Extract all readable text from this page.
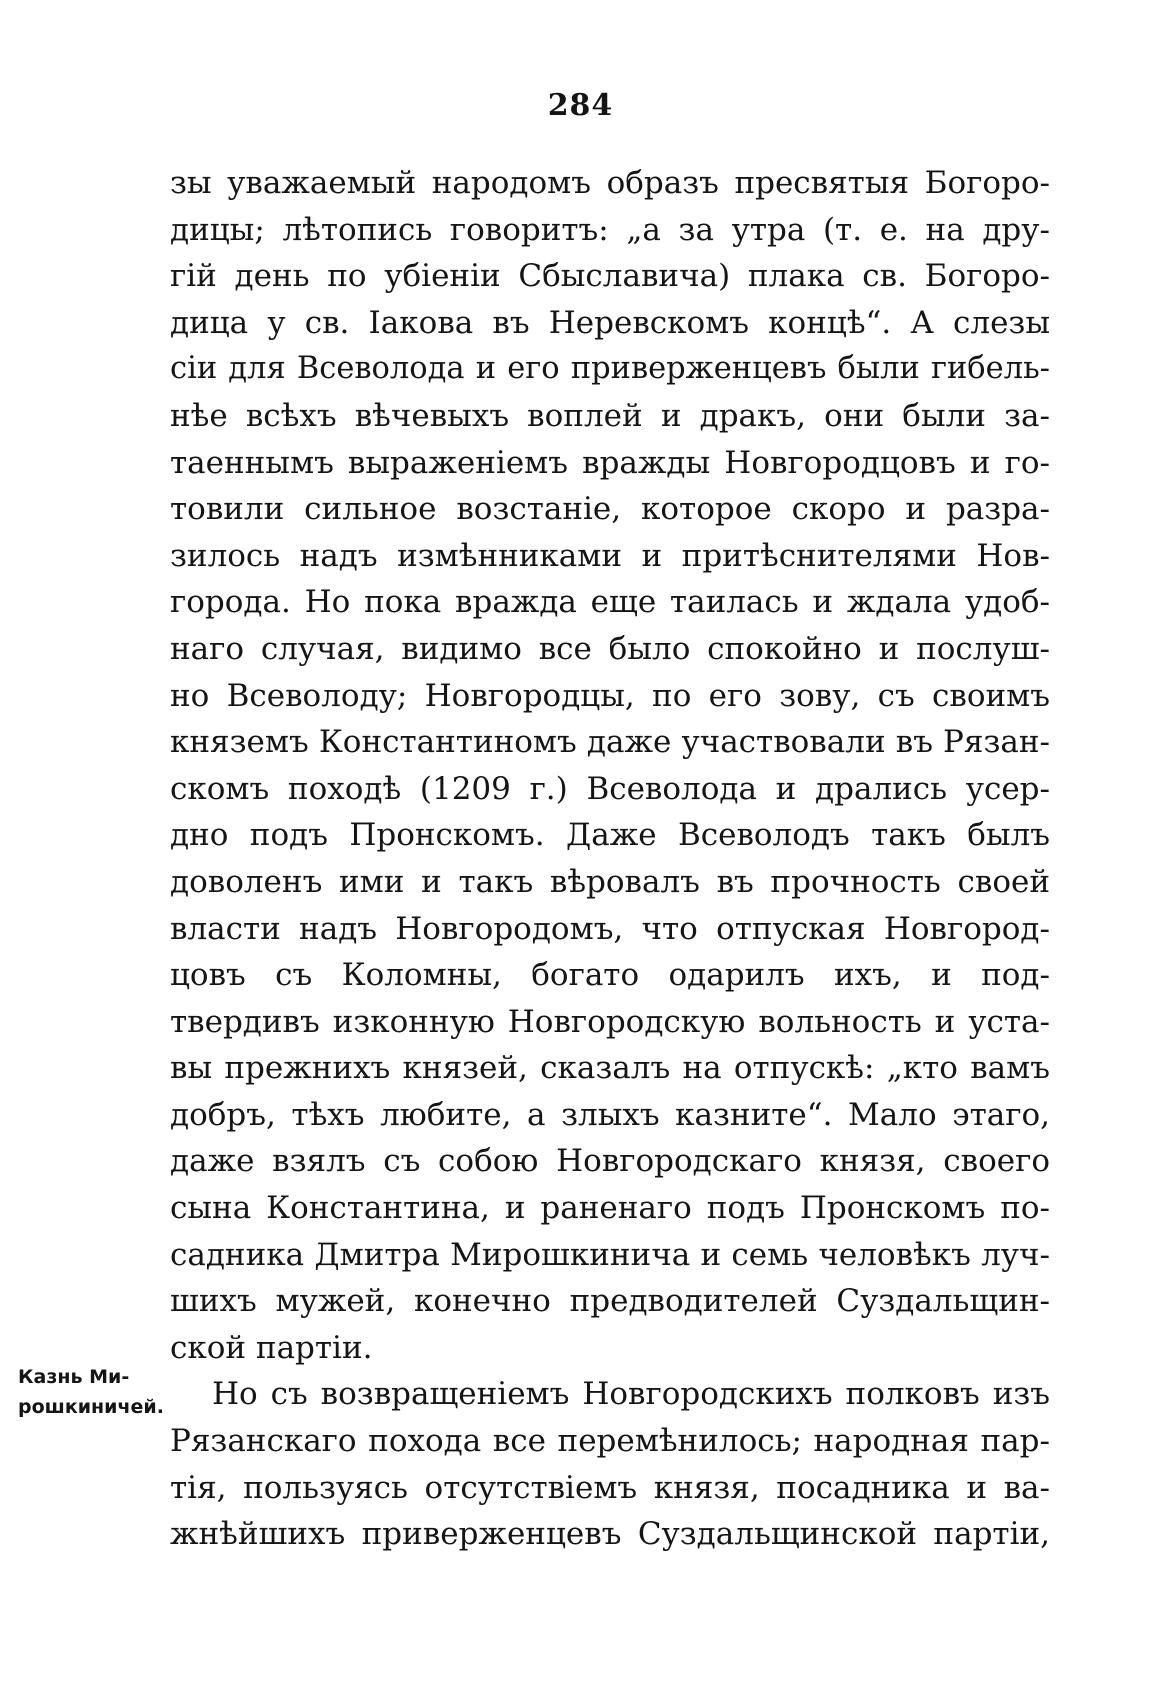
284
зы уважаемый народомъ образъ пресвятыя Богоро-
дицы; лѣтопись говоритъ: „а за утра (т. е. на дру-
гій день по убіеніи Сбыславича) плака св. Богоро-
дица у св. Іакова въ Неревскомъ концѣ“. А слезы
сіи для Всеволода и его приверженцевъ были гибель-
нѣе всѣхъ вѣчевыхъ воплей и дракъ, они были за-
таеннымъ выраженіемъ вражды Новгородцовъ и го-
товили сильное возстаніе, которое скоро и разра-
зилось надъ измѣнниками и притѣснителями Нов-
города. Но пока вражда еще таилась и ждала удоб-
наго случая, видимо все было спокойно и послуш-
но Всеволоду; Новгородцы, по его зову, съ своимъ
княземъ Константиномъ даже участвовали въ Рязан-
скомъ походѣ (1209 г.) Всеволода и дрались усер-
дно подъ Пронскомъ. Даже Всеволодъ такъ былъ
доволенъ ими и такъ вѣровалъ въ прочность своей
власти надъ Новгородомъ, что отпуская Новгород-
цовъ съ Коломны, богато одарилъ ихъ, и под-
твердивъ изконную Новгородскую вольность и уста-
вы прежнихъ князей, сказалъ на отпускѣ: „кто вамъ
добръ, тѣхъ любите, а злыхъ казните“. Мало этаго,
даже взялъ съ собою Новгородскаго князя, своего
сына Константина, и раненаго подъ Пронскомъ по-
садника Дмитра Мирошкинича и семь человѣкъ луч-
шихъ мужей, конечно предводителей Суздальщин-
ской партіи.
Но съ возвращеніемъ Новгородскихъ полковъ изъ
Рязанскаго похода все перемѣнилось; народная пар-
тія, пользуясь отсутствіемъ князя, посадника и ва-
жнѣйшихъ приверженцевъ Суздальщинской партіи,
Казнь Ми-
рошкиничей.
